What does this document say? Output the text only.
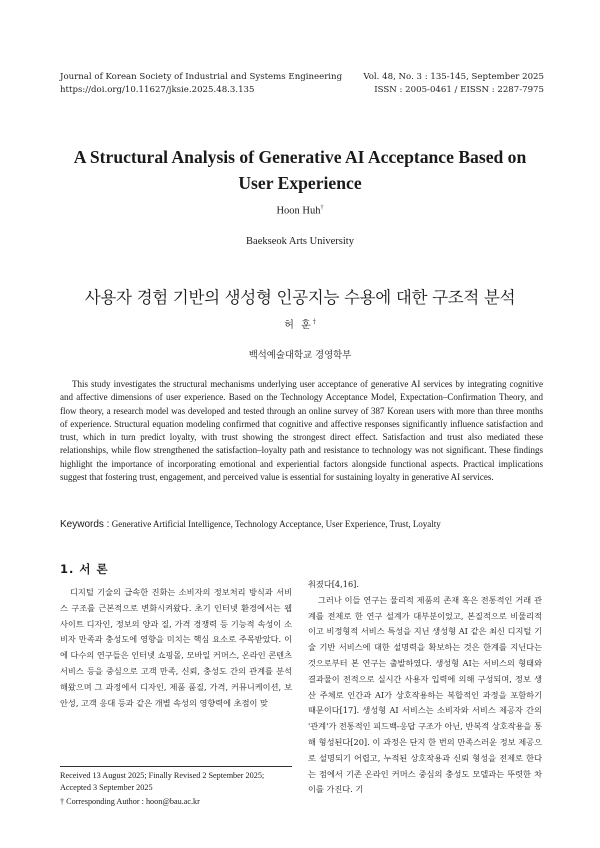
Journal of Korean Society of Industrial and Systems Engineering
https://doi.org/10.11627/jksie.2025.48.3.135
Vol. 48, No. 3 : 135-145, September 2025
ISSN : 2005-0461 / EISSN : 2287-7975
A Structural Analysis of Generative AI Acceptance Based on
User Experience
Hoon Huh†
Baekseok Arts University
사용자 경험 기반의 생성형 인공지능 수용에 대한 구조적 분석
허 훈†
백석예술대학교 경영학부

This study investigates the structural mechanisms underlying user acceptance of generative AI services by integrating cognitive and affective dimensions of user experience. Based on the Technology Acceptance Model, Expectation–Confirmation Theory, and flow theory, a research model was developed and tested through an online survey of 387 Korean users with more than three months of experience. Structural equation modeling confirmed that cognitive and affective responses significantly influence satisfaction and trust, which in turn predict loyalty, with trust showing the strongest direct effect. Satisfaction and trust also mediated these relationships, while flow strengthened the satisfaction–loyalty path and resistance to technology was not significant. These findings highlight the importance of incorporating emotional and experiential factors alongside functional aspects. Practical implications suggest that fostering trust, engagement, and perceived value is essential for sustaining loyalty in generative AI services.

Keywords : Generative Artificial Intelligence, Technology Acceptance, User Experience, Trust, Loyalty
1. 서 론

디지털 기술의 급속한 진화는 소비자의 정보처리 방식과 서비스 구조를 근본적으로 변화시켜왔다. 초기 인터넷 환경에서는 웹사이트 디자인, 정보의 양과 질, 가격 경쟁력 등 기능적 속성이 소비자 만족과 충성도에 영향을 미치는 핵심 요소로 주목받았다. 이에 다수의 연구들은 인터넷 쇼핑몰, 모바일 커머스, 온라인 콘텐츠 서비스 등을 중심으로 고객 만족, 신뢰, 충성도 간의 관계를 분석해왔으며 그 과정에서 디자인, 제품 품질, 가격, 커뮤니케이션, 보안성, 고객 응대 등과 같은 개별 속성의 영향력에 초점이 맞

춰졌다[4,16].

그러나 이들 연구는 물리적 제품의 존재 혹은 전통적인 거래 관계를 전제로 한 연구 설계가 대부분이었고, 본질적으로 비물리적이고 비정형적 서비스 특성을 지닌 생성형 AI 같은 최신 디지털 기술 기반 서비스에 대한 설명력을 확보하는 것은 한계를 지닌다는 것으로부터 본 연구는 출발하였다. 생성형 AI는 서비스의 형태와 결과물이 전적으로 실시간 사용자 입력에 의해 구성되며, 정보 생산 주체로 인간과 AI가 상호작용하는 복합적인 과정을 포함하기 때문이다[17]. 생성형 AI 서비스는 소비자와 서비스 제공자 간의 '관계'가 전통적인 피드백-응답 구조가 아닌, 반복적 상호작용을 통해 형성된다[20]. 이 과정은 단지 한 번의 만족스러운 정보 제공으로 설명되기 어렵고, 누적된 상호작용과 신뢰 형성을 전제로 한다는 점에서 기존 온라인 커머스 중심의 충성도 모델과는 뚜렷한 차이를 가진다. 기

Received 13 August 2025; Finally Revised 2 September 2025; Accepted 3 September 2025
† Corresponding Author : hoon@bau.ac.kr
